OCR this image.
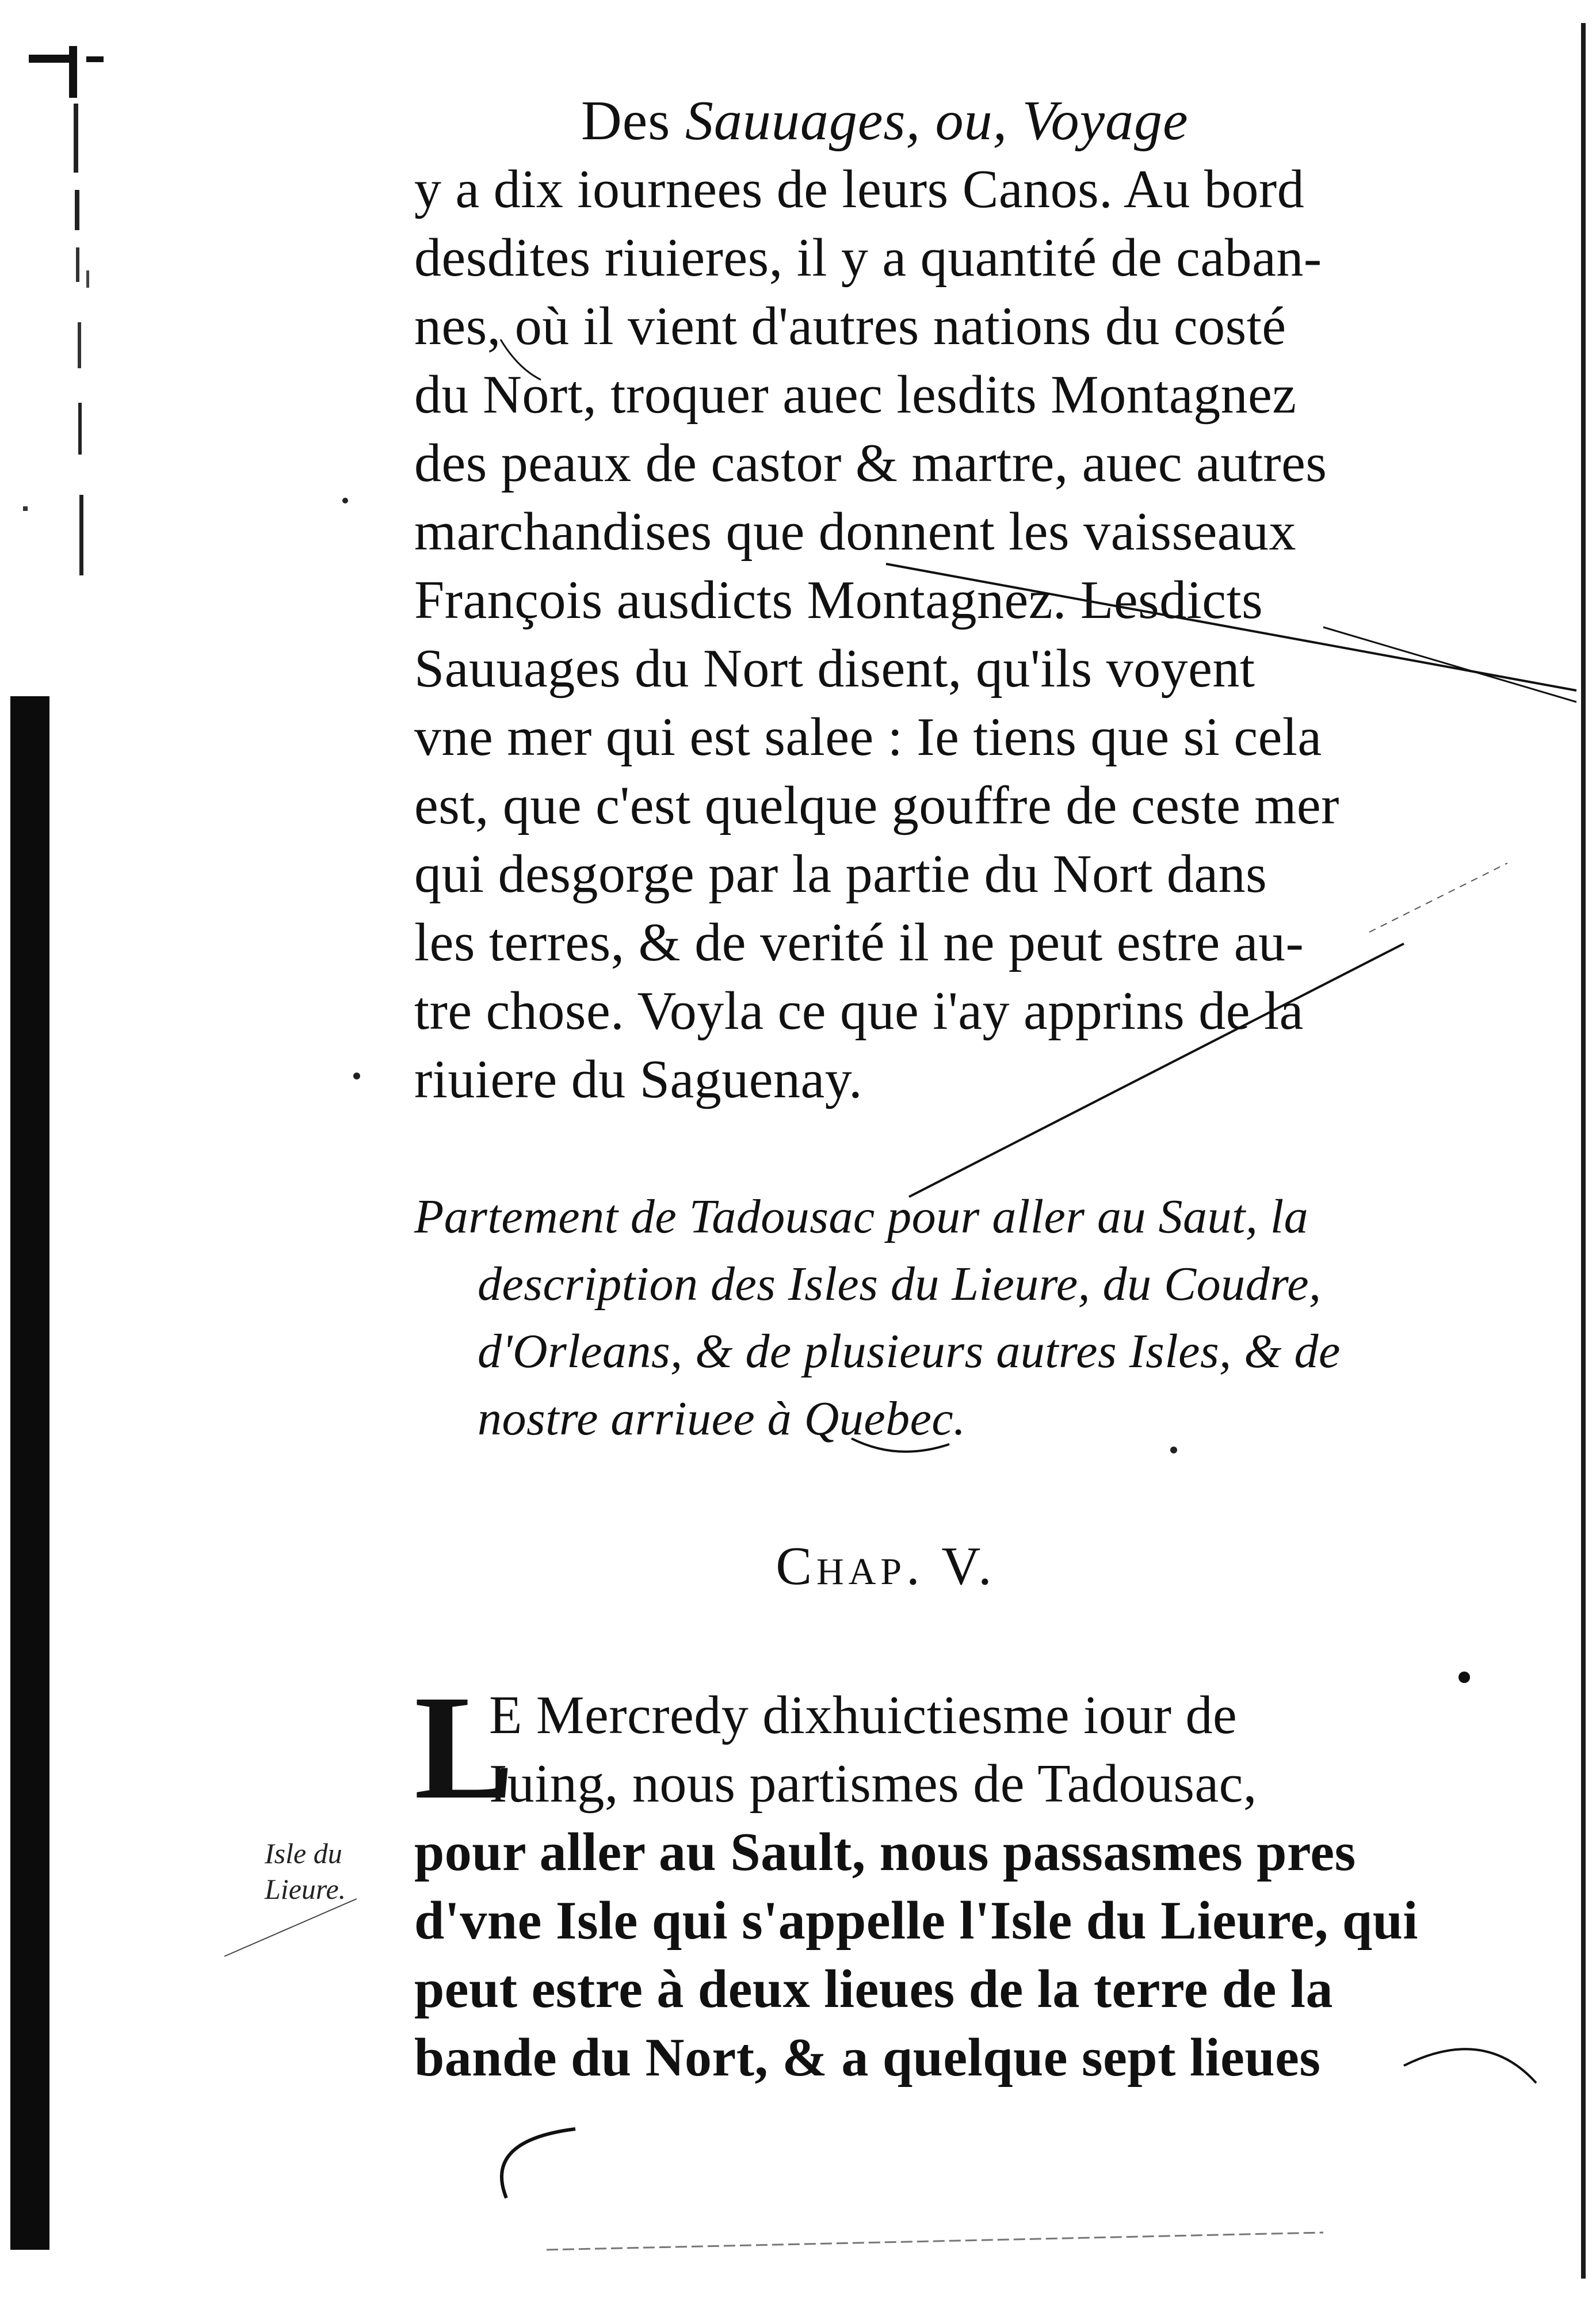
Des Sauuages, ou, Voyage
y a dix iournees de leurs Canos. Au bord
desdites riuieres, il y a quantité de caban-
nes, où il vient d'autres nations du costé
du Nort, troquer auec lesdits Montagnez
des peaux de castor & martre, auec autres
marchandises que donnent les vaisseaux
François ausdicts Montagnez. Lesdicts
Sauuages du Nort disent, qu'ils voyent
vne mer qui est salee : Ie tiens que si cela
est, que c'est quelque gouffre de ceste mer
qui desgorge par la partie du Nort dans
les terres, & de verité il ne peut estre au-
tre chose. Voyla ce que i'ay apprins de la
riuiere du Saguenay.
Partement de Tadousac pour aller au Saut, la
description des Isles du Lieure, du Coudre,
d'Orleans, & de plusieurs autres Isles, & de
nostre arriuee à Quebec.
Chap. V.
L
E Mercredy dixhuictiesme iour de
Iuing, nous partismes de Tadousac,
pour aller au Sault, nous passasmes pres
d'vne Isle qui s'appelle l'Isle du Lieure, qui
peut estre à deux lieues de la terre de la
bande du Nort, & a quelque sept lieues
Isle du
Lieure.
